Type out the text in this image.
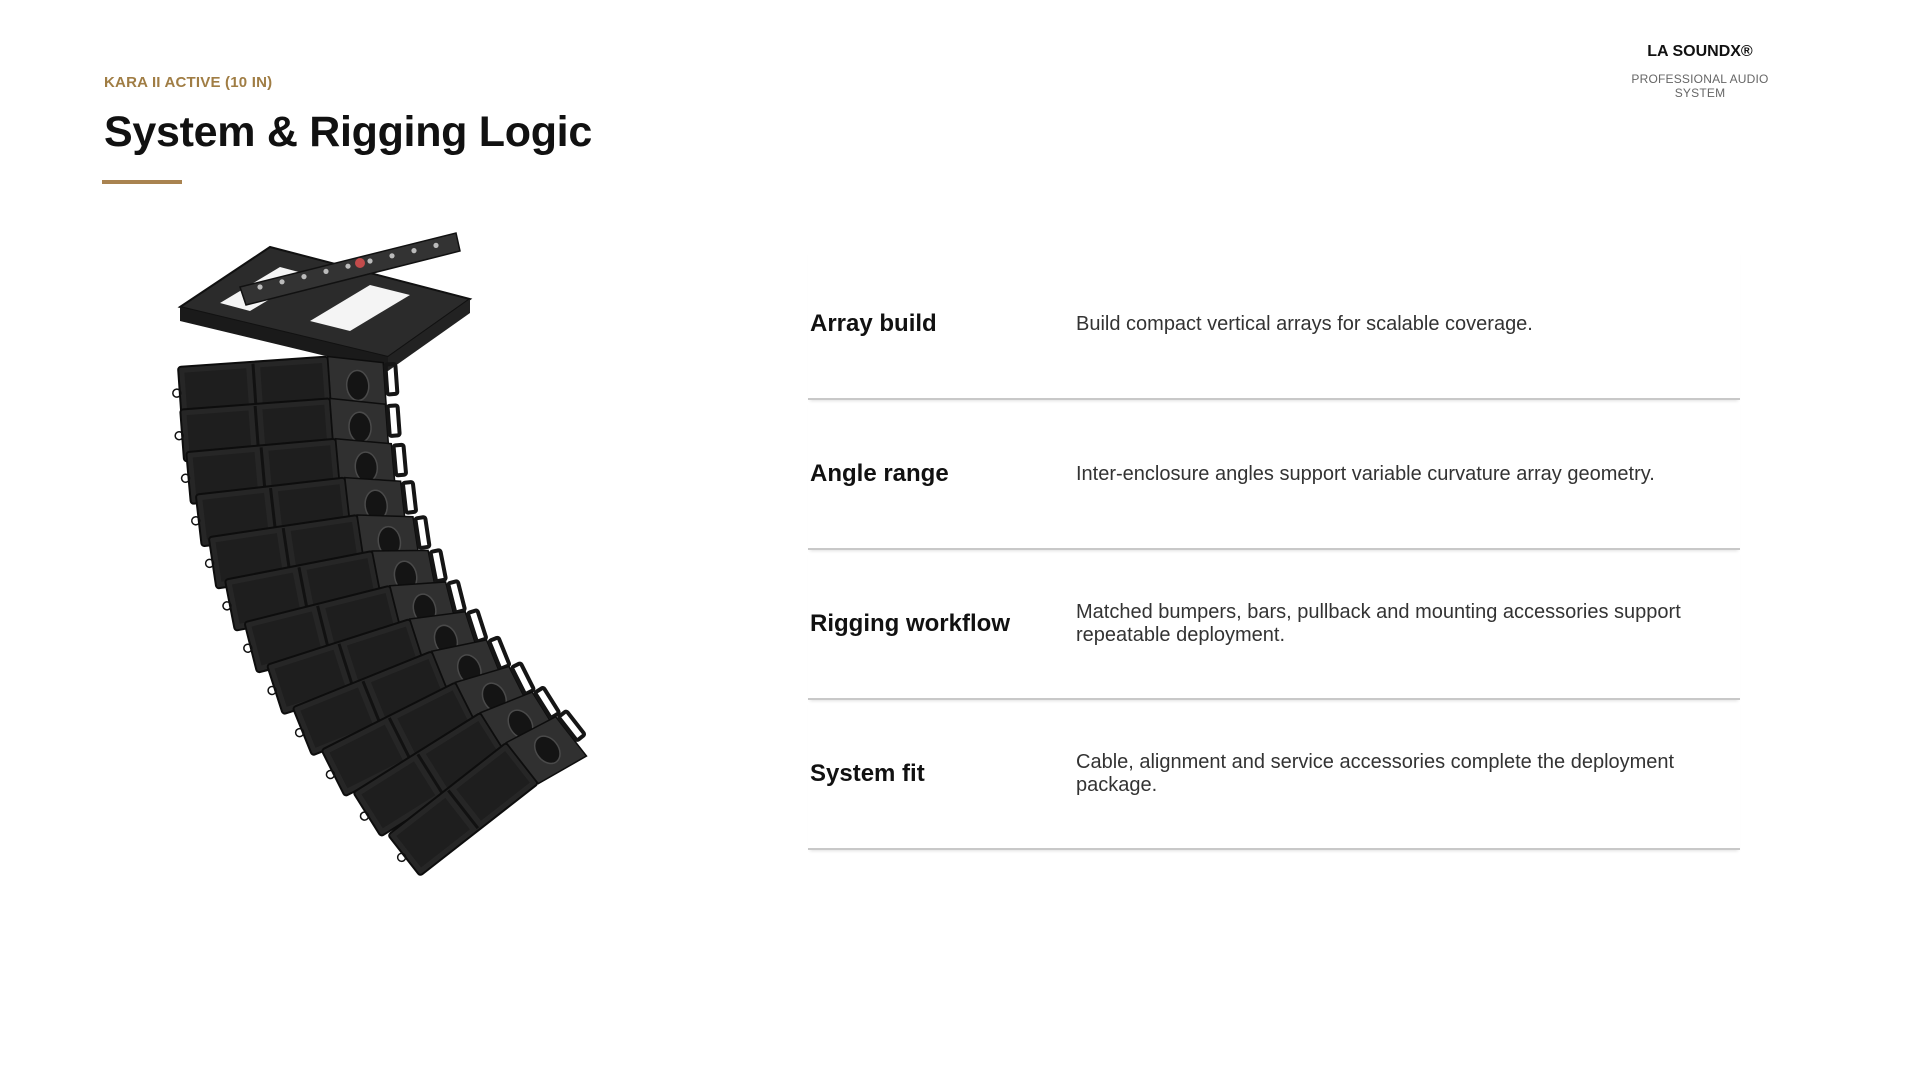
KARA II ACTIVE (10 IN)
System & Rigging Logic
LA SOUNDX®
PROFESSIONAL AUDIO SYSTEM
Array build	Build compact vertical arrays for scalable coverage.
Angle range	Inter-enclosure angles support variable curvature array geometry.
Rigging workflow	Matched bumpers, bars, pullback and mounting accessories support repeatable deployment.
System fit	Cable, alignment and service accessories complete the deployment package.
